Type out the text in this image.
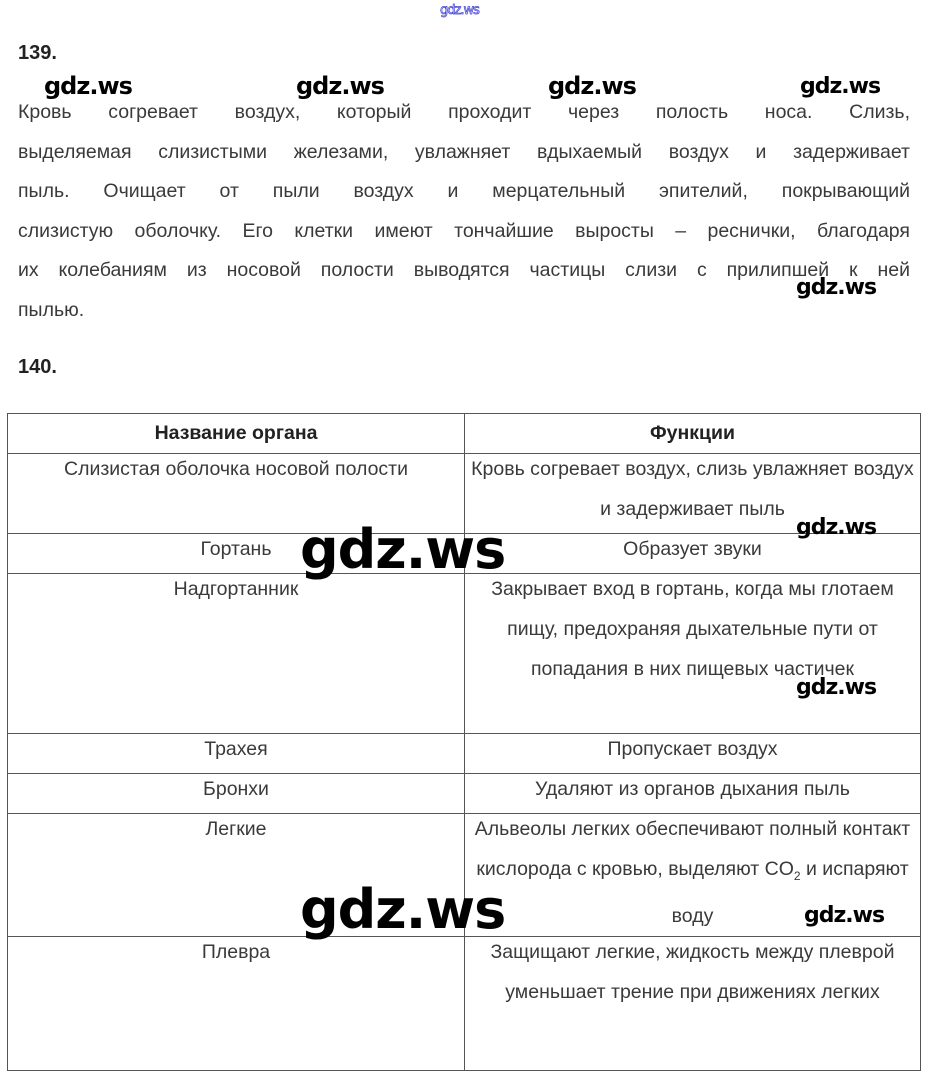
gdz.ws
139.
Кровь согревает воздух, который проходит через полость носа. Слизь,
выделяемая слизистыми железами, увлажняет вдыхаемый воздух и задерживает
пыль. Очищает от пыли воздух и мерцательный эпителий, покрывающий
слизистую оболочку. Его клетки имеют тончайшие выросты – реснички, благодаря
их колебаниям из носовой полости выводятся частицы слизи с прилипшей к ней
пылью.
140.
Название органа	Функции
Слизистая оболочка носовой полости	Кровь согревает воздух, слизь увлажняет воздух и задерживает пыль

Гортань	Образует звуки

Надгортанник	Закрывает вход в гортань, когда мы глотаем пищу, предохраняя дыхательные пути от попадания в них пищевых частичек

Трахея	Пропускает воздух

Бронхи	Удаляют из органов дыхания пыль

Легкие	Альвеолы легких обеспечивают полный контакт кислорода с кровью, выделяют $CO_2$ и испаряют воду

Плевра	Защищают легкие, жидкость между плеврой уменьшает трение при движениях легких
gdz.ws	gdz.ws	gdz.ws	gdz.ws
gdz.ws
gdz.ws
gdz.ws
gdz.ws
gdz.ws
gdz.ws
